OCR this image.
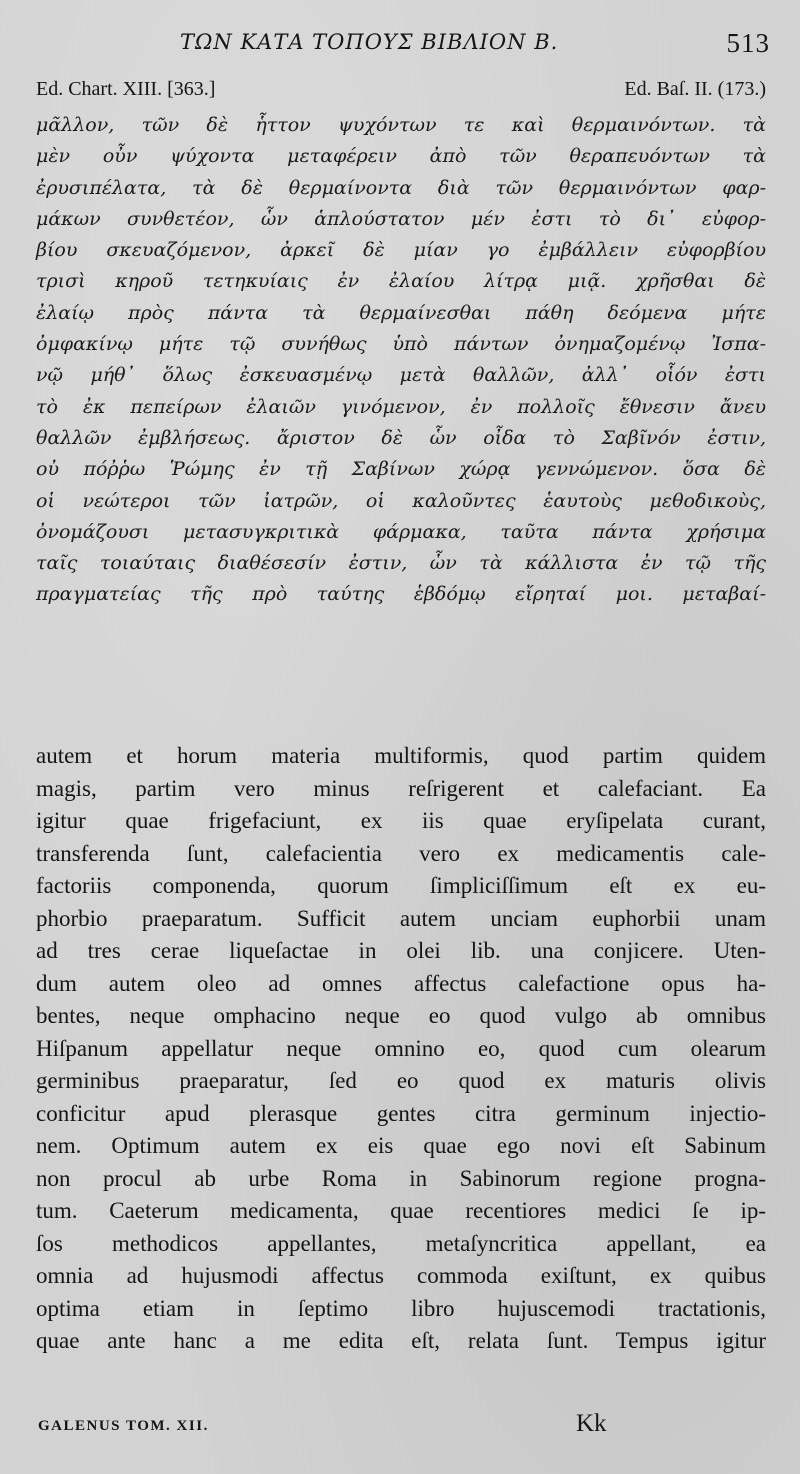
ΤΩΝ ΚΑΤΑ ΤΟΠΟΥΣ ΒΙΒΛΙΟΝ Β.	513
Ed. Chart. XIII. [363.]	Ed. Baſ. II. (173.)
μᾶλλον, τῶν δὲ ἧττον ψυχόντων τε καὶ θερμαινόντων. τὰ
μὲν οὖν ψύχοντα μεταφέρειν ἀπὸ τῶν θεραπευόντων τὰ
ἐρυσιπέλατα, τὰ δὲ θερμαίνοντα διὰ τῶν θερμαινόντων φαρ-
μάκων συνθετέον, ὧν ἁπλούστατον μέν ἐστι τὸ δι᾽ εὐφορ-
βίου σκευαζόμενον, ἀρκεῖ δὲ μίαν γο ἐμβάλλειν εὐφορβίου
τρισὶ κηροῦ τετηκυίαις ἐν ἐλαίου λίτρᾳ μιᾷ. χρῆσθαι δὲ
ἐλαίῳ πρὸς πάντα τὰ θερμαίνεσθαι πάθη δεόμενα μήτε
ὀμφακίνῳ μήτε τῷ συνήθως ὑπὸ πάντων ὀνημαζομένῳ Ἰσπα-
νῷ μήθ᾽ ὅλως ἐσκευασμένῳ μετὰ θαλλῶν, ἀλλ᾽ οἷόν ἐστι
τὸ ἐκ πεπείρων ἐλαιῶν γινόμενον, ἐν πολλοῖς ἔθνεσιν ἄνευ
θαλλῶν ἐμβλήσεως. ἄριστον δὲ ὧν οἶδα τὸ Σαβῖνόν ἐστιν,
οὐ πόῤῥω Ῥώμης ἐν τῇ Σαβίνων χώρᾳ γεννώμενον. ὅσα δὲ
οἱ νεώτεροι τῶν ἰατρῶν, οἱ καλοῦντες ἑαυτοὺς μεθοδικοὺς,
ὀνομάζουσι μετασυγκριτικὰ φάρμακα, ταῦτα πάντα χρήσιμα
ταῖς τοιαύταις διαθέσεσίν ἐστιν, ὧν τὰ κάλλιστα ἐν τῷ τῆς
πραγματείας τῆς πρὸ ταύτης ἑβδόμῳ εἴρηταί μοι. μεταβαί-
autem et horum materia multiformis, quod partim quidem
magis, partim vero minus reſrigerent et calefaciant. Ea
igitur quae frigefaciunt, ex iis quae eryſipelata curant,
transferenda ſunt, calefacientia vero ex medicamentis cale-
factoriis componenda, quorum ſimpliciſſimum eſt ex eu-
phorbio praeparatum. Sufficit autem unciam euphorbii unam
ad tres cerae liqueſactae in olei lib. una conjicere. Uten-
dum autem oleo ad omnes affectus calefactione opus ha-
bentes, neque omphacino neque eo quod vulgo ab omnibus
Hiſpanum appellatur neque omnino eo, quod cum olearum
germinibus praeparatur, ſed eo quod ex maturis olivis
conficitur apud plerasque gentes citra germinum injectio-
nem. Optimum autem ex eis quae ego novi eſt Sabinum
non procul ab urbe Roma in Sabinorum regione progna-
tum. Caeterum medicamenta, quae recentiores medici ſe ip-
ſos methodicos appellantes, metaſyncritica appellant, ea
omnia ad hujusmodi affectus commoda exiſtunt, ex quibus
optima etiam in ſeptimo libro hujuscemodi tractationis,
quae ante hanc a me edita eſt, relata ſunt. Tempus igitur
GALENUS TOM. XII.	Kk
